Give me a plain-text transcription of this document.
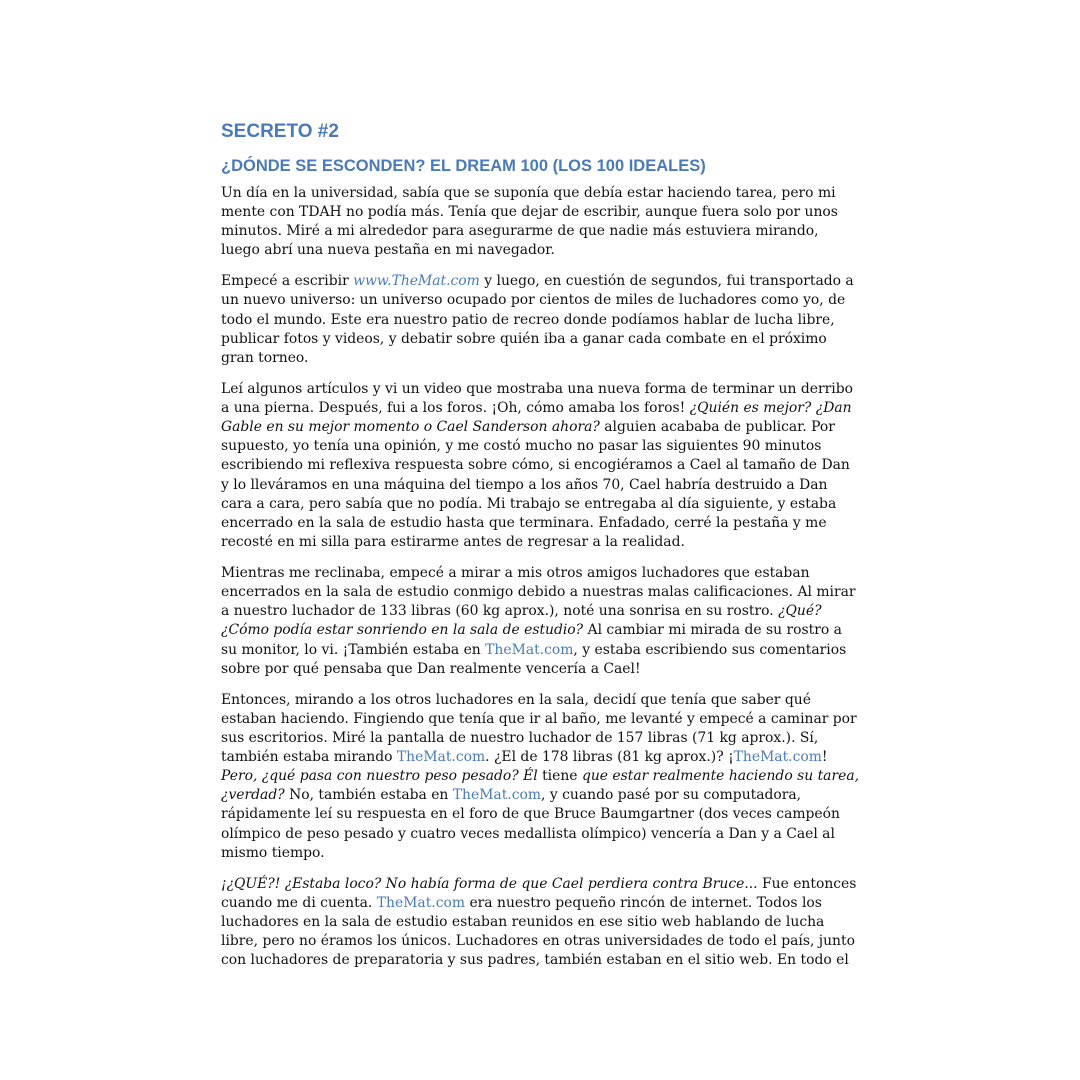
SECRETO #2
¿DÓNDE SE ESCONDEN? EL DREAM 100 (LOS 100 IDEALES)

Un día en la universidad, sabía que se suponía que debía estar haciendo tarea, pero mi mente con TDAH no podía más. Tenía que dejar de escribir, aunque fuera solo por unos minutos. Miré a mi alrededor para asegurarme de que nadie más estuviera mirando, luego abrí una nueva pestaña en mi navegador.

Empecé a escribir www.TheMat.com y luego, en cuestión de segundos, fui transportado a un nuevo universo: un universo ocupado por cientos de miles de luchadores como yo, de todo el mundo. Este era nuestro patio de recreo donde podíamos hablar de lucha libre, publicar fotos y videos, y debatir sobre quién iba a ganar cada combate en el próximo gran torneo.

Leí algunos artículos y vi un video que mostraba una nueva forma de terminar un derribo a una pierna. Después, fui a los foros. ¡Oh, cómo amaba los foros! ¿Quién es mejor? ¿Dan Gable en su mejor momento o Cael Sanderson ahora? alguien acababa de publicar. Por supuesto, yo tenía una opinión, y me costó mucho no pasar las siguientes 90 minutos escribiendo mi reflexiva respuesta sobre cómo, si encogiéramos a Cael al tamaño de Dan y lo lleváramos en una máquina del tiempo a los años 70, Cael habría destruido a Dan cara a cara, pero sabía que no podía. Mi trabajo se entregaba al día siguiente, y estaba encerrado en la sala de estudio hasta que terminara. Enfadado, cerré la pestaña y me recosté en mi silla para estirarme antes de regresar a la realidad.

Mientras me reclinaba, empecé a mirar a mis otros amigos luchadores que estaban encerrados en la sala de estudio conmigo debido a nuestras malas calificaciones. Al mirar a nuestro luchador de 133 libras (60 kg aprox.), noté una sonrisa en su rostro. ¿Qué? ¿Cómo podía estar sonriendo en la sala de estudio? Al cambiar mi mirada de su rostro a su monitor, lo vi. ¡También estaba en TheMat.com, y estaba escribiendo sus comentarios sobre por qué pensaba que Dan realmente vencería a Cael!

Entonces, mirando a los otros luchadores en la sala, decidí que tenía que saber qué estaban haciendo. Fingiendo que tenía que ir al baño, me levanté y empecé a caminar por sus escritorios. Miré la pantalla de nuestro luchador de 157 libras (71 kg aprox.). Sí, también estaba mirando TheMat.com. ¿El de 178 libras (81 kg aprox.)? ¡TheMat.com! Pero, ¿qué pasa con nuestro peso pesado? Él tiene que estar realmente haciendo su tarea, ¿verdad? No, también estaba en TheMat.com, y cuando pasé por su computadora, rápidamente leí su respuesta en el foro de que Bruce Baumgartner (dos veces campeón olímpico de peso pesado y cuatro veces medallista olímpico) vencería a Dan y a Cael al mismo tiempo.

¡¿QUÉ?! ¿Estaba loco? No había forma de que Cael perdiera contra Bruce... Fue entonces cuando me di cuenta. TheMat.com era nuestro pequeño rincón de internet. Todos los luchadores en la sala de estudio estaban reunidos en ese sitio web hablando de lucha libre, pero no éramos los únicos. Luchadores en otras universidades de todo el país, junto con luchadores de preparatoria y sus padres, también estaban en el sitio web. En todo el
